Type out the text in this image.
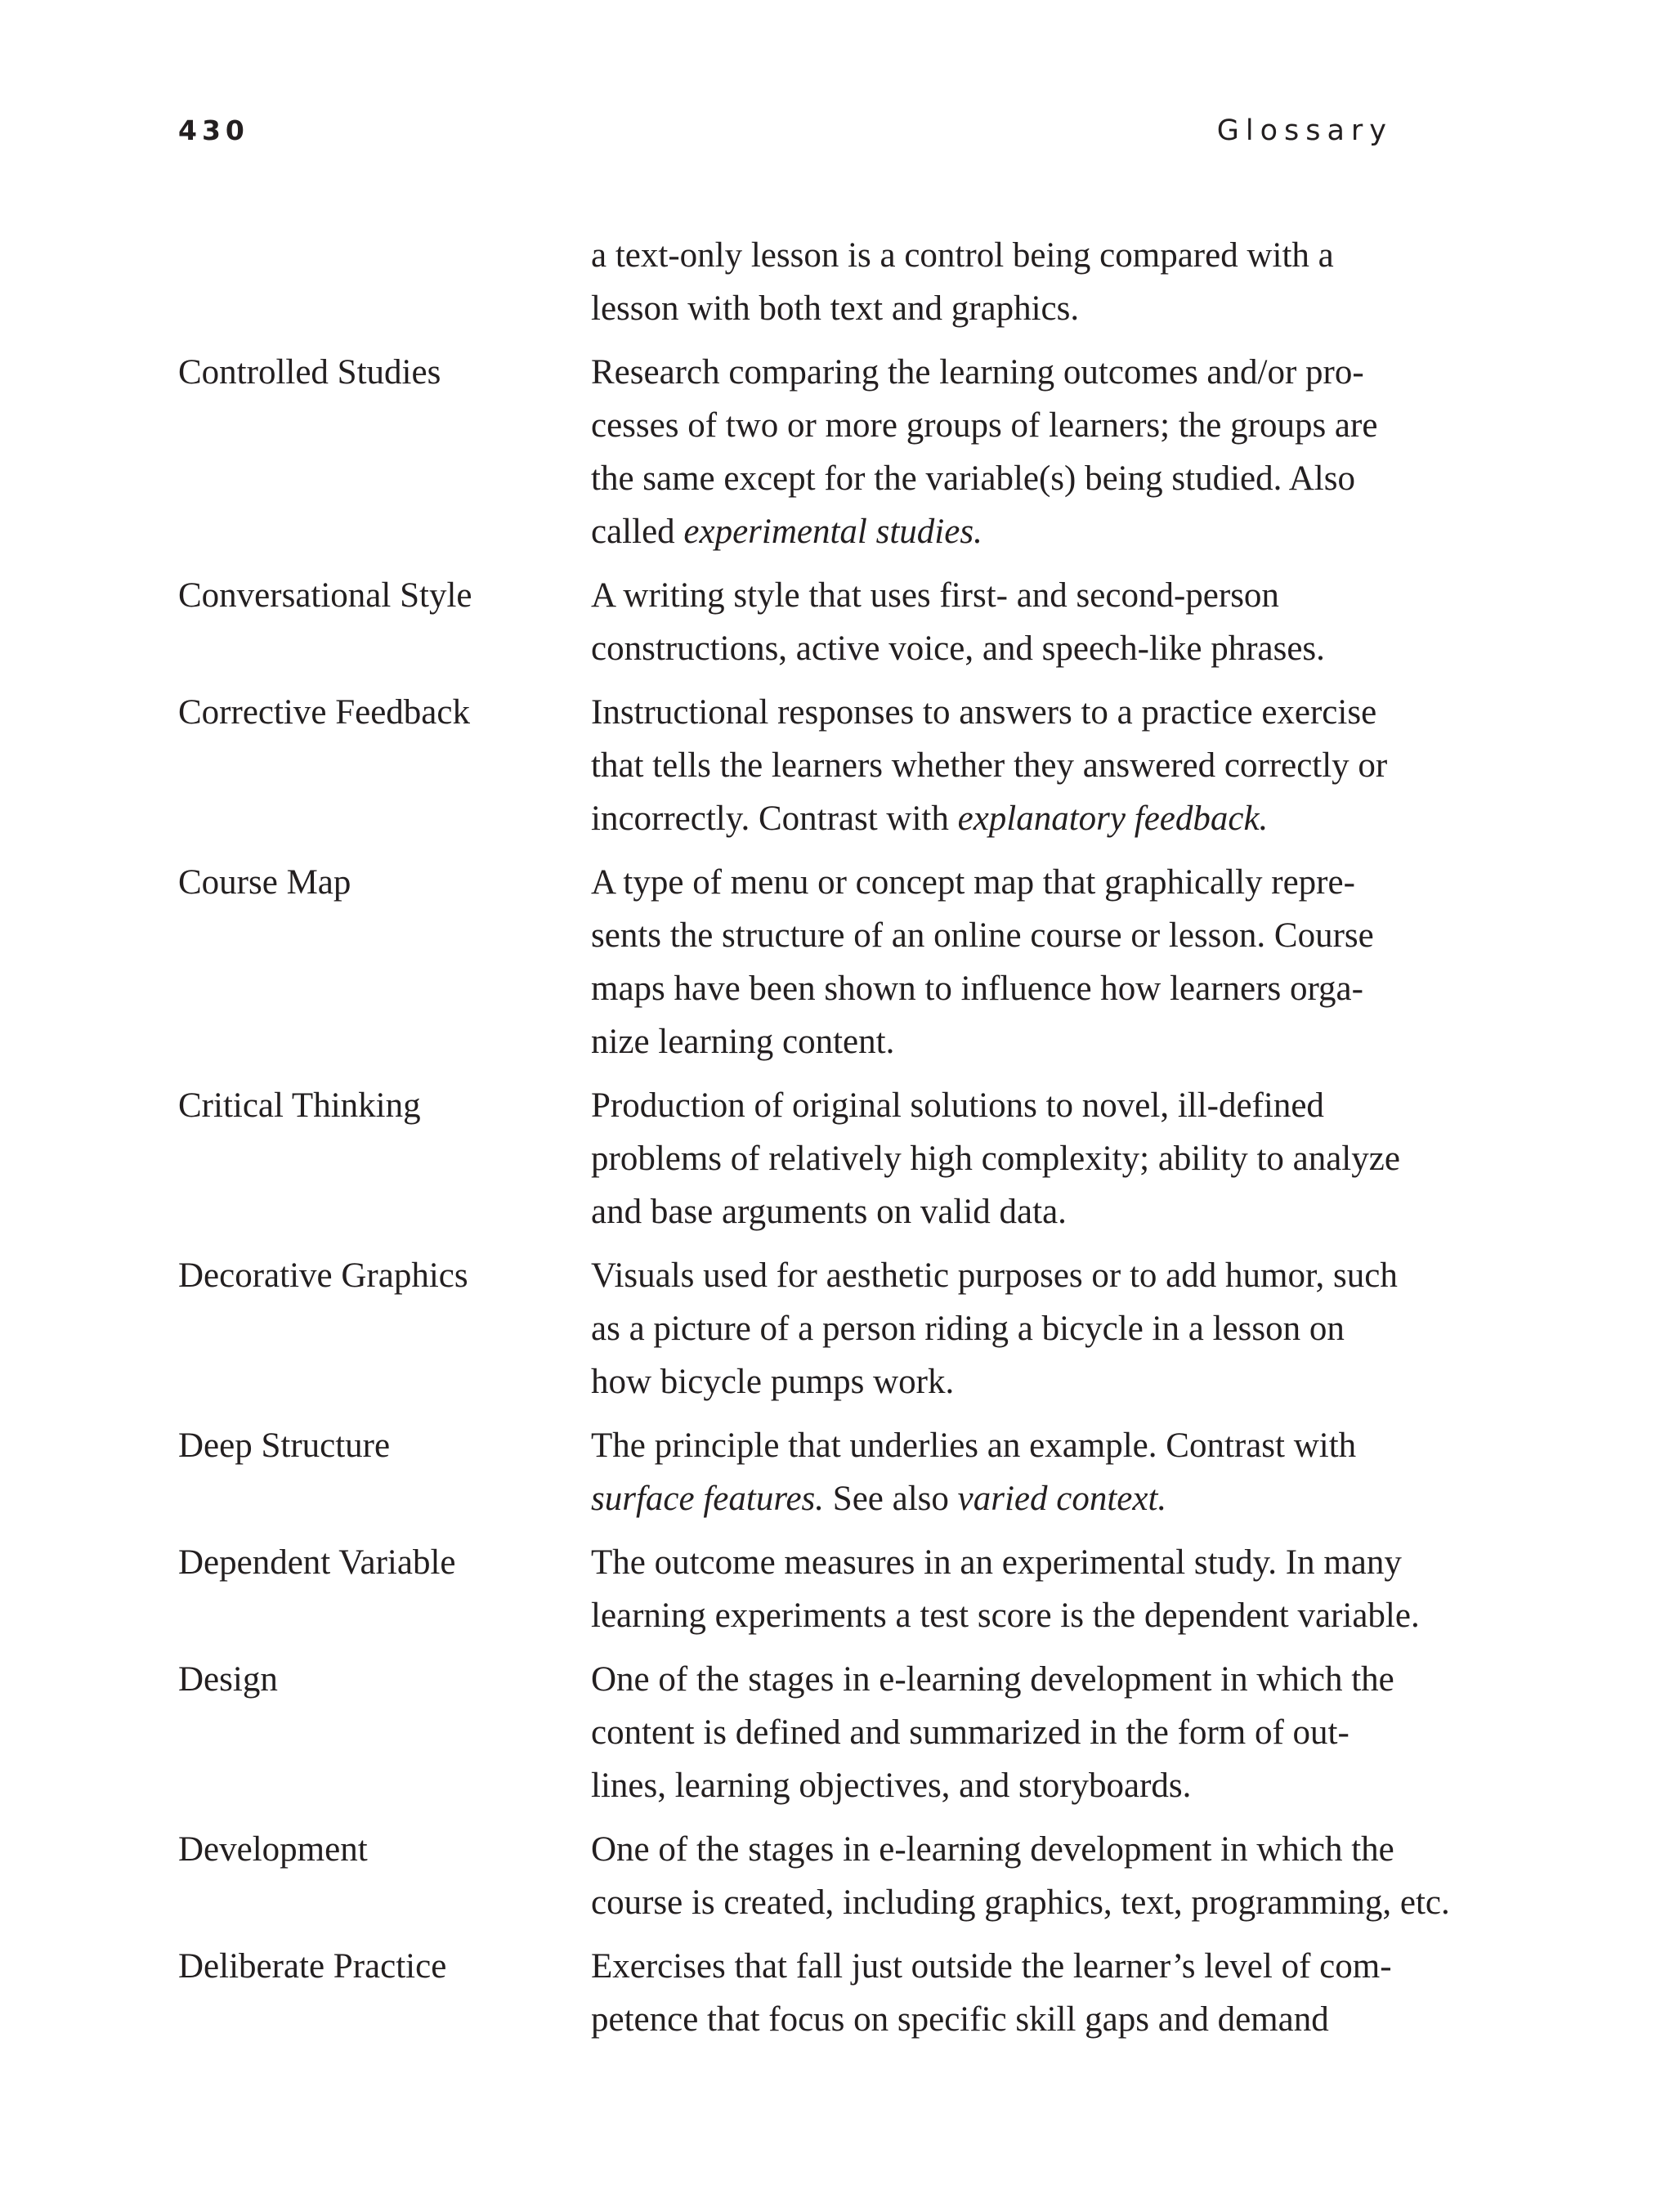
430	Glossary
a text-only lesson is a control being compared with a
lesson with both text and graphics.
Controlled Studies	Research comparing the learning outcomes and/or pro-
cesses of two or more groups of learners; the groups are
the same except for the variable(s) being studied. Also
called experimental studies.
Conversational Style	A writing style that uses first- and second-person
constructions, active voice, and speech-like phrases.
Corrective Feedback	Instructional responses to answers to a practice exercise
that tells the learners whether they answered correctly or
incorrectly. Contrast with explanatory feedback.
Course Map	A type of menu or concept map that graphically repre-
sents the structure of an online course or lesson. Course
maps have been shown to influence how learners orga-
nize learning content.
Critical Thinking	Production of original solutions to novel, ill-defined
problems of relatively high complexity; ability to analyze
and base arguments on valid data.
Decorative Graphics	Visuals used for aesthetic purposes or to add humor, such
as a picture of a person riding a bicycle in a lesson on
how bicycle pumps work.
Deep Structure	The principle that underlies an example. Contrast with
surface features. See also varied context.
Dependent Variable	The outcome measures in an experimental study. In many
learning experiments a test score is the dependent variable.
Design	One of the stages in e-learning development in which the
content is defined and summarized in the form of out-
lines, learning objectives, and storyboards.
Development	One of the stages in e-learning development in which the
course is created, including graphics, text, programming, etc.
Deliberate Practice	Exercises that fall just outside the learner’s level of com-
petence that focus on specific skill gaps and demand
